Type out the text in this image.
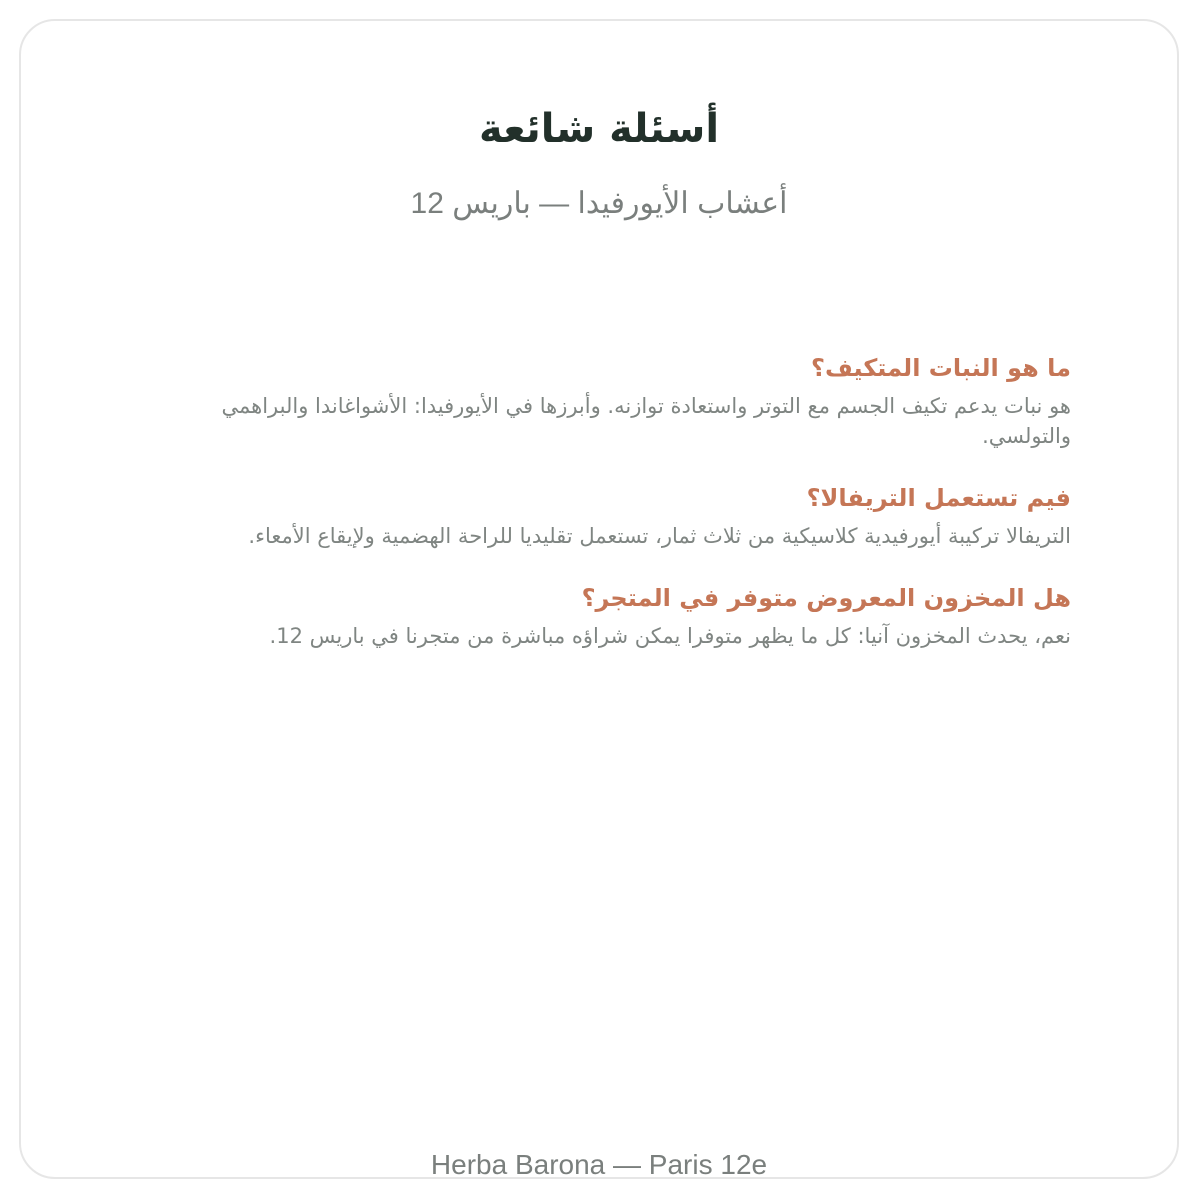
أسئلة شائعة

أعشاب الأيورفيدا — باريس 12

ما هو النبات المتكيف؟

هو نبات يدعم تكيف الجسم مع التوتر واستعادة توازنه. وأبرزها في الأيورفيدا: الأشواغاندا والبراهمي والتولسي.

فيم تستعمل التريفالا؟

التريفالا تركيبة أيورفيدية كلاسيكية من ثلاث ثمار، تستعمل تقليديا للراحة الهضمية ولإيقاع الأمعاء.

هل المخزون المعروض متوفر في المتجر؟

نعم، يحدث المخزون آنيا: كل ما يظهر متوفرا يمكن شراؤه مباشرة من متجرنا في باريس 12.

Herba Barona — Paris 12e
